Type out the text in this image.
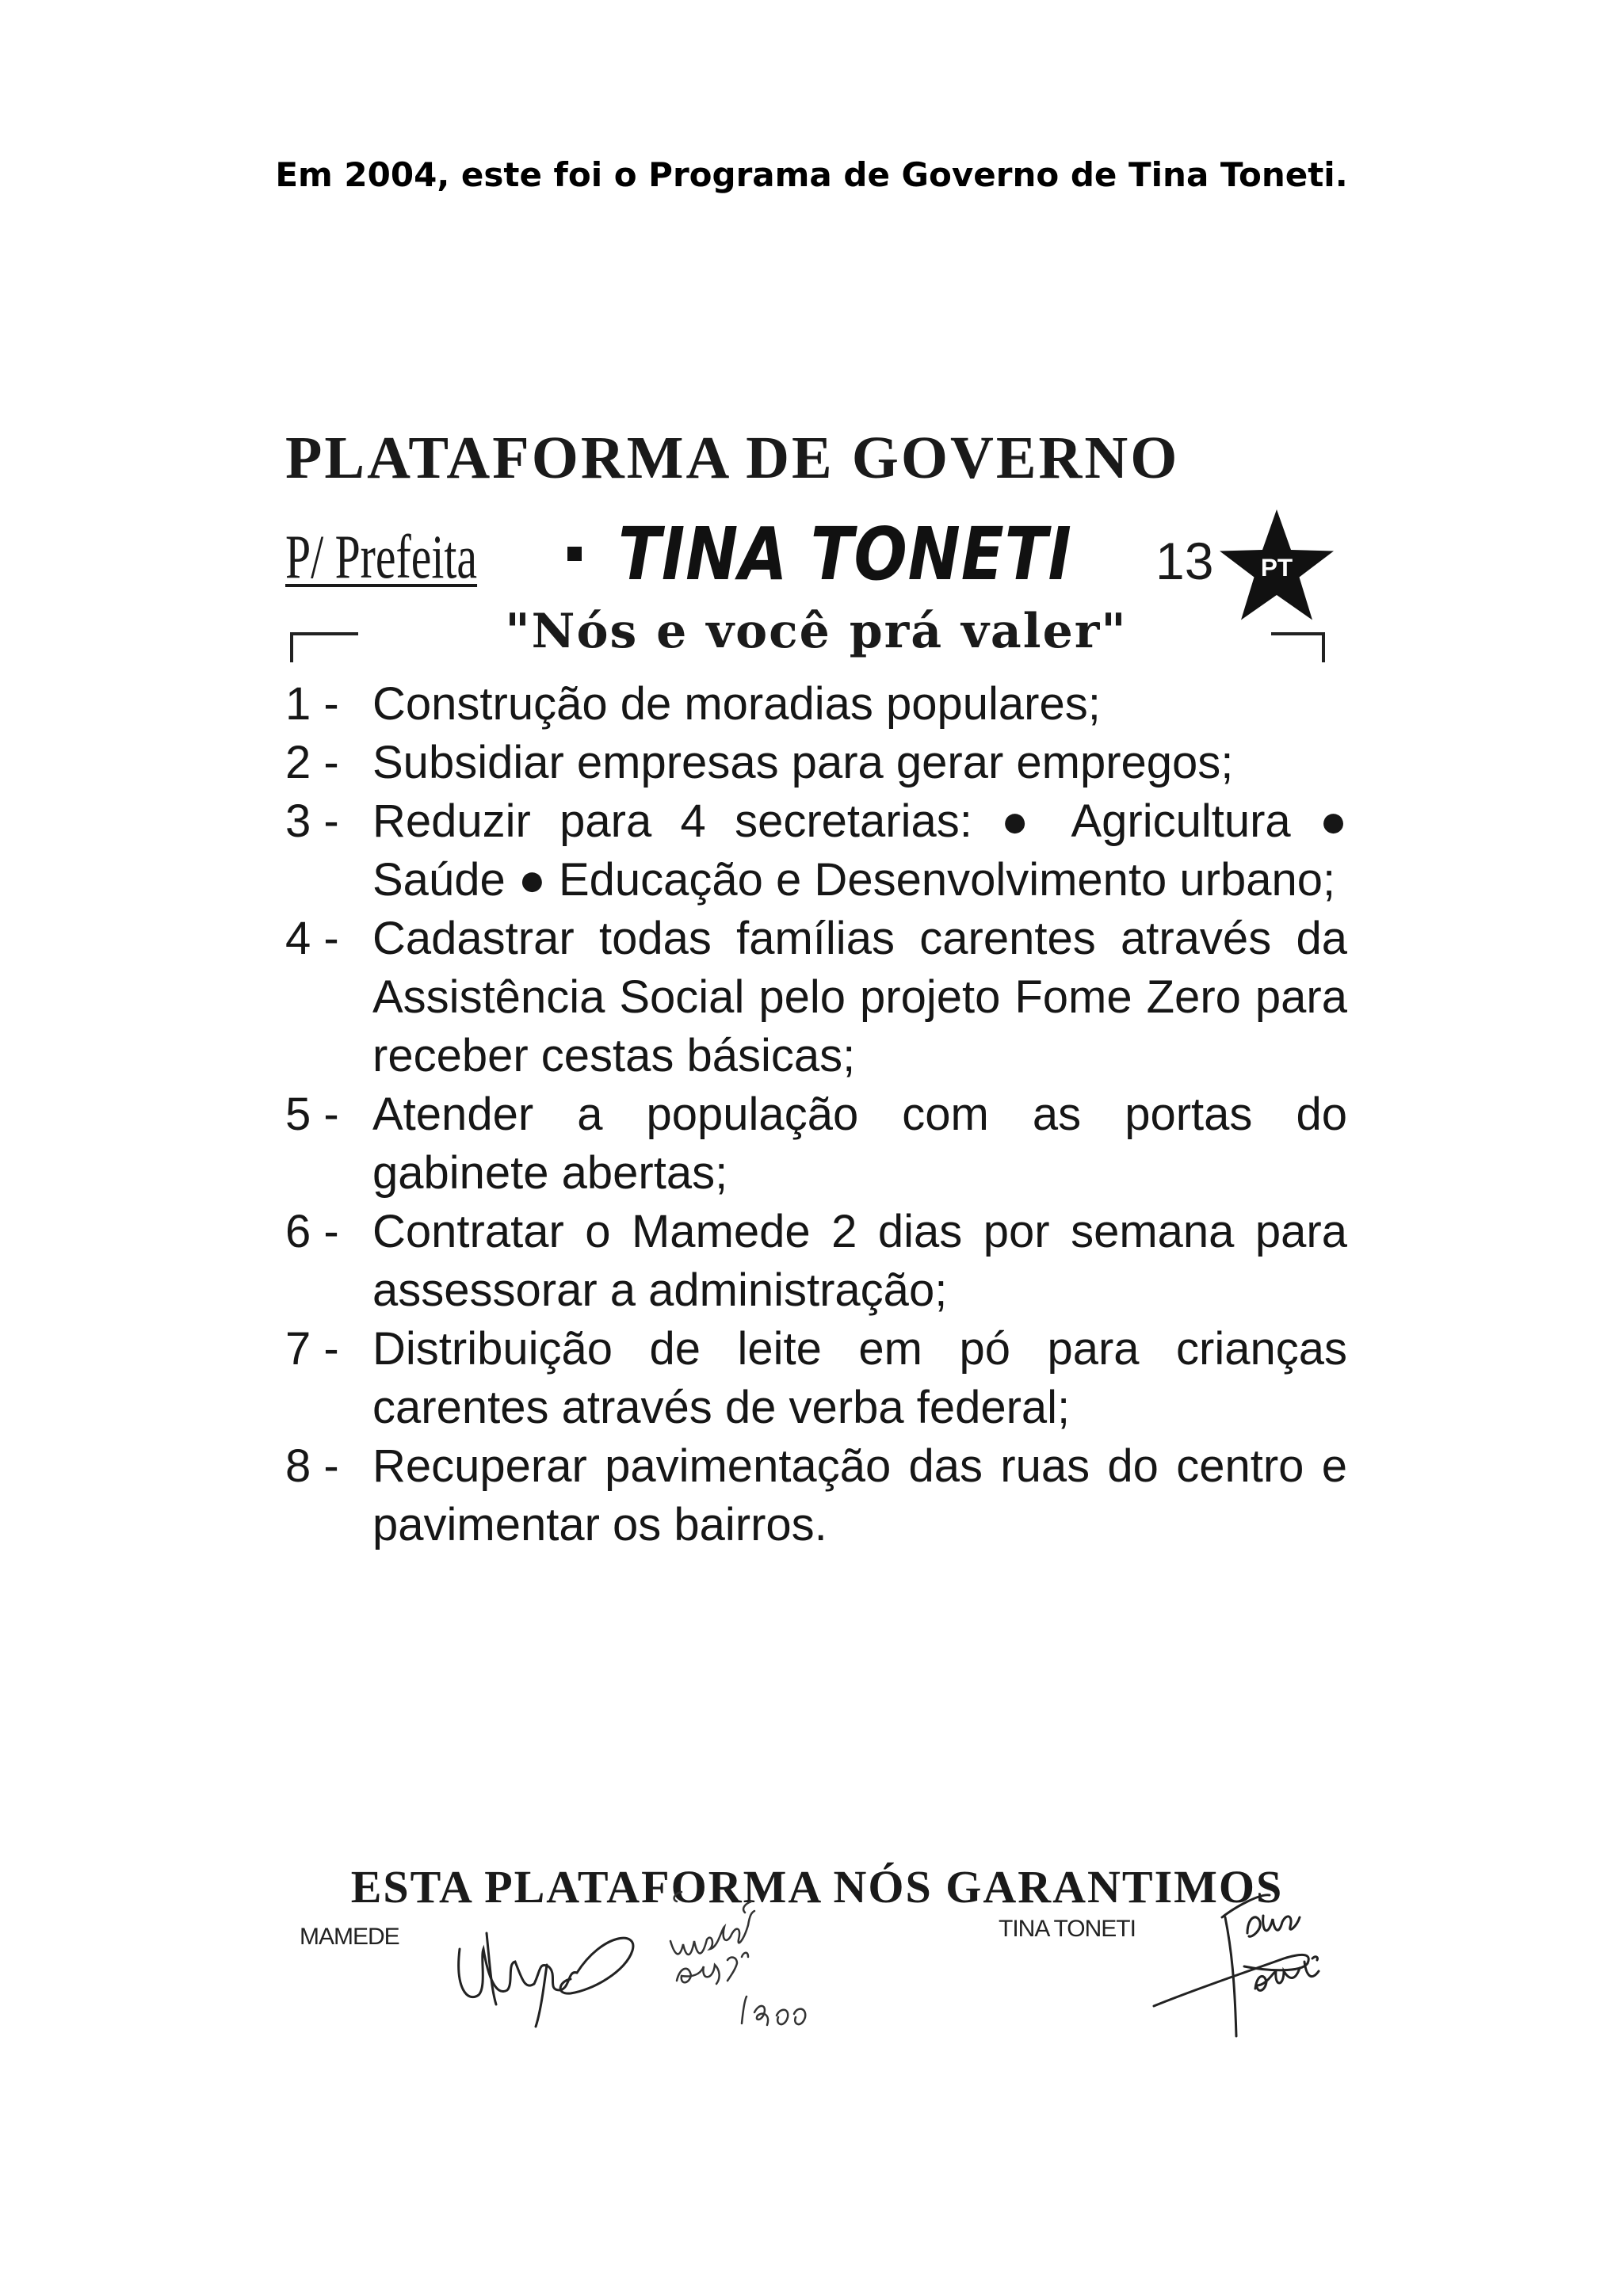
Em 2004, este foi o Programa de Governo de Tina Toneti.
PLATAFORMA DE GOVERNO
P/ Prefeita TINA TONETI 13	PT
"Nós e você prá valer"
1 - Construção de moradias populares;
2 - Subsidiar empresas para gerar empregos;
3 - Reduzir para 4 secretarias: ● Agricultura ● Saúde ● Educação e Desenvolvimento urbano;
4 - Cadastrar todas famílias carentes através da Assistência Social pelo projeto Fome Zero para receber cestas básicas;
5 - Atender a população com as portas do gabinete abertas;
6 - Contratar o Mamede 2 dias por semana para assessorar a administração;
7 - Distribuição de leite em pó para crianças carentes através de verba federal;
8 - Recuperar pavimentação das ruas do centro e pavimentar os bairros.
ESTA PLATAFORMA NÓS GARANTIMOS
MAMEDE	TINA TONETI
